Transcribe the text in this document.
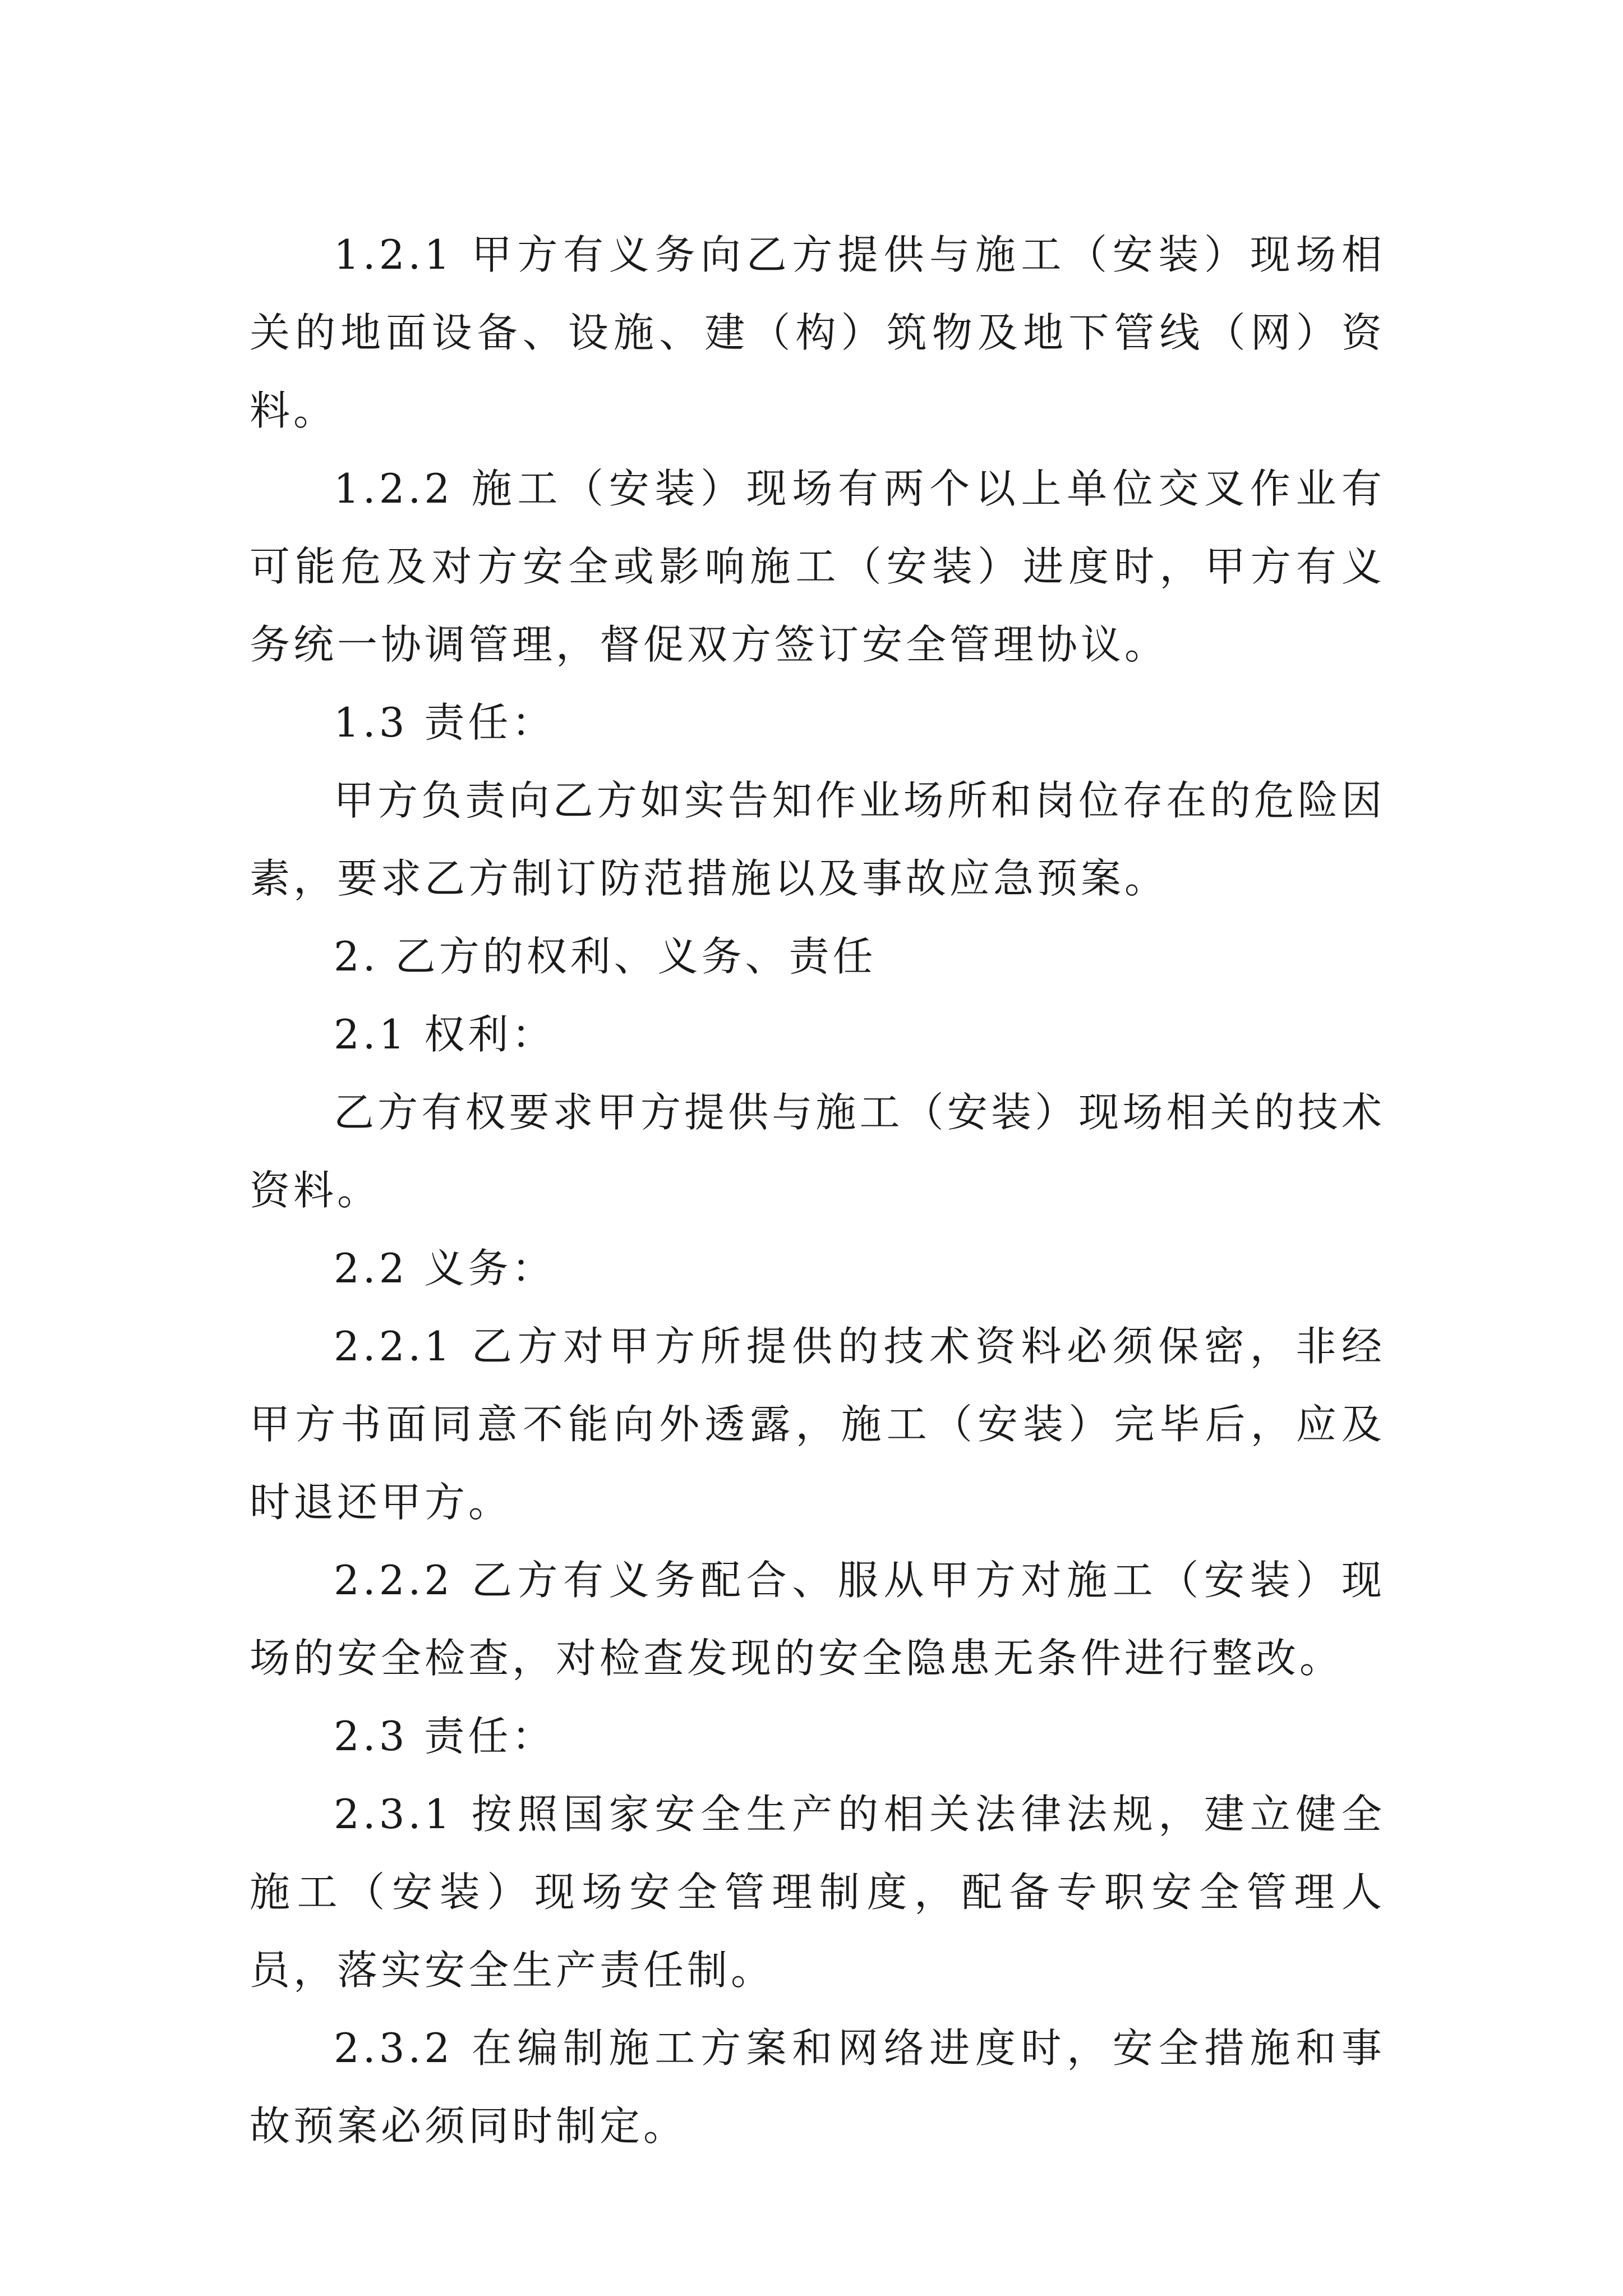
1.2.1 甲方有义务向乙方提供与施工（安装）现场相关的地面设备、设施、建（构）筑物及地下管线（网）资料。

1.2.2 施工（安装）现场有两个以上单位交叉作业有可能危及对方安全或影响施工（安装）进度时，甲方有义务统一协调管理，督促双方签订安全管理协议。

1.3 责任：

甲方负责向乙方如实告知作业场所和岗位存在的危险因素，要求乙方制订防范措施以及事故应急预案。

2. 乙方的权利、义务、责任

2.1 权利：

乙方有权要求甲方提供与施工（安装）现场相关的技术资料。

2.2 义务：

2.2.1 乙方对甲方所提供的技术资料必须保密，非经甲方书面同意不能向外透露，施工（安装）完毕后，应及时退还甲方。

2.2.2 乙方有义务配合、服从甲方对施工（安装）现场的安全检查，对检查发现的安全隐患无条件进行整改。

2.3 责任：

2.3.1 按照国家安全生产的相关法律法规，建立健全施工（安装）现场安全管理制度，配备专职安全管理人员，落实安全生产责任制。

2.3.2 在编制施工方案和网络进度时，安全措施和事故预案必须同时制定。
